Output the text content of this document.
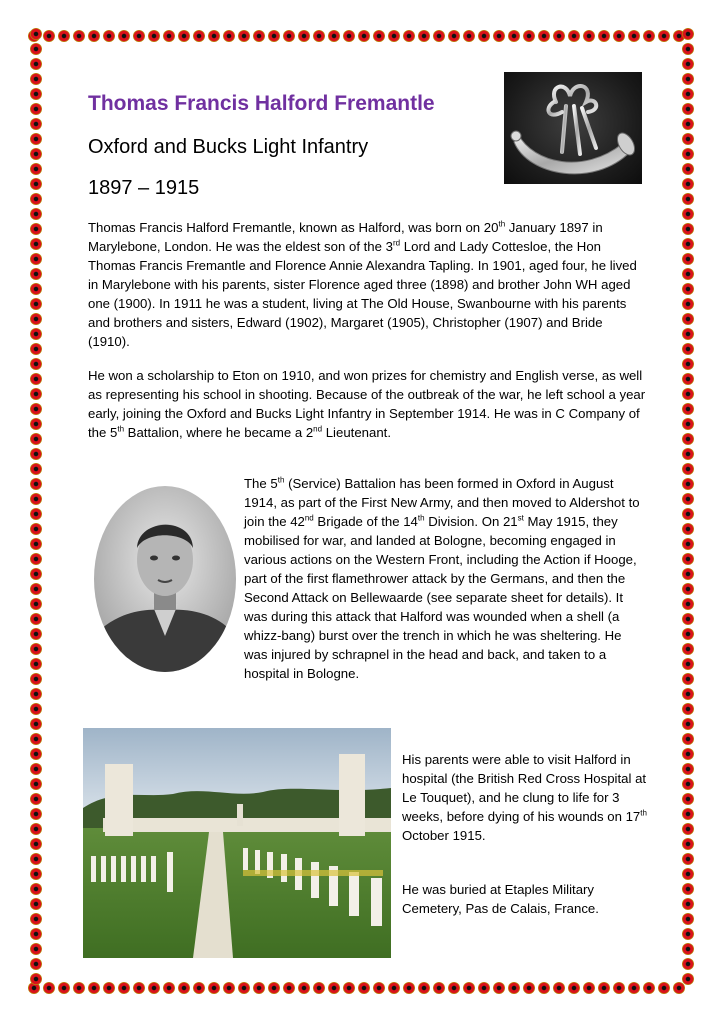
Thomas Francis Halford Fremantle
Oxford and Bucks Light Infantry
1897 – 1915

Thomas Francis Halford Fremantle, known as Halford, was born on 20th January 1897 in Marylebone, London. He was the eldest son of the 3rd Lord and Lady Cottesloe, the Hon Thomas Francis Fremantle and Florence Annie Alexandra Tapling. In 1901, aged four, he lived in Marylebone with his parents, sister Florence aged three (1898) and brother John WH aged one (1900). In 1911 he was a student, living at The Old House, Swanbourne with his parents and brothers and sisters, Edward (1902), Margaret (1905), Christopher (1907) and Bride (1910).

He won a scholarship to Eton on 1910, and won prizes for chemistry and English verse, as well as representing his school in shooting. Because of the outbreak of the war, he left school a year early, joining the Oxford and Bucks Light Infantry in September 1914. He was in C Company of the 5th Battalion, where he became a 2nd Lieutenant.

The 5th (Service) Battalion has been formed in Oxford in August 1914, as part of the First New Army, and then moved to Aldershot to join the 42nd Brigade of the 14th Division. On 21st May 1915, they mobilised for war, and landed at Bologne, becoming engaged in various actions on the Western Front, including the Action if Hooge, part of the first flamethrower attack by the Germans, and then the Second Attack on Bellewaarde (see separate sheet for details). It was during this attack that Halford was wounded when a shell (a whizz-bang) burst over the trench in which he was sheltering. He was injured by schrapnel in the head and back, and taken to a hospital in Bologne.

His parents were able to visit Halford in hospital (the British Red Cross Hospital at Le Touquet), and he clung to life for 3 weeks, before dying of his wounds on 17th October 1915.

He was buried at Etaples Military Cemetery, Pas de Calais, France.
